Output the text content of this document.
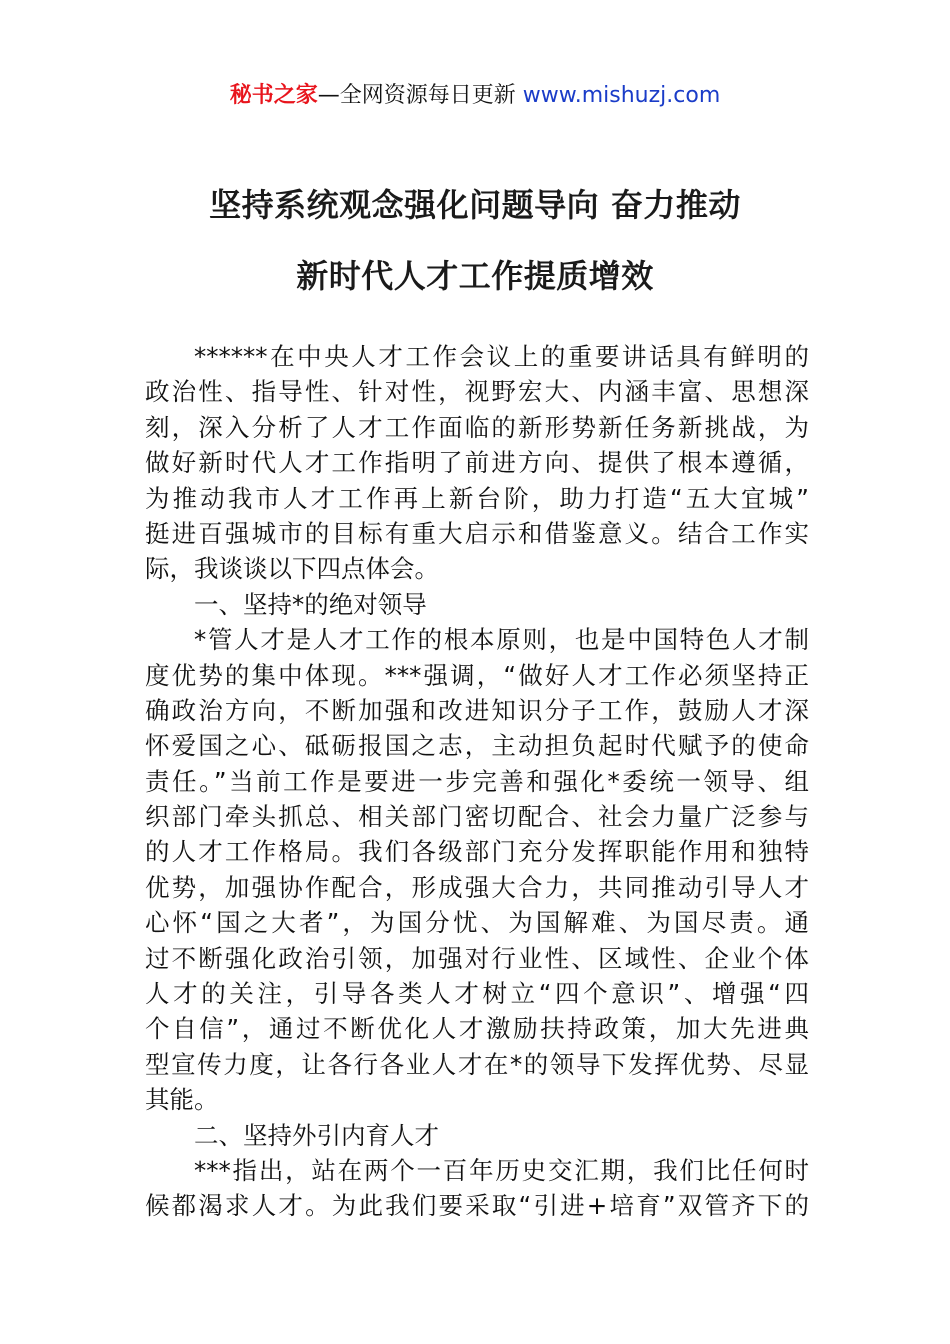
秘书之家—全网资源每日更新 www.mishuzj.com
坚持系统观念强化问题导向 奋力推动
新时代人才工作提质增效
******在中央人才工作会议上的重要讲话具有鲜明的
政治性、指导性、针对性，视野宏大、内涵丰富、思想深
刻，深入分析了人才工作面临的新形势新任务新挑战，为
做好新时代人才工作指明了前进方向、提供了根本遵循，
为推动我市人才工作再上新台阶，助力打造“五大宜城”
挺进百强城市的目标有重大启示和借鉴意义。结合工作实
际，我谈谈以下四点体会。
一、坚持*的绝对领导
*管人才是人才工作的根本原则，也是中国特色人才制
度优势的集中体现。***强调，“做好人才工作必须坚持正
确政治方向，不断加强和改进知识分子工作，鼓励人才深
怀爱国之心、砥砺报国之志，主动担负起时代赋予的使命
责任。”当前工作是要进一步完善和强化*委统一领导、组
织部门牵头抓总、相关部门密切配合、社会力量广泛参与
的人才工作格局。我们各级部门充分发挥职能作用和独特
优势，加强协作配合，形成强大合力，共同推动引导人才
心怀“国之大者”，为国分忧、为国解难、为国尽责。通
过不断强化政治引领，加强对行业性、区域性、企业个体
人才的关注，引导各类人才树立“四个意识”、增强“四
个自信”，通过不断优化人才激励扶持政策，加大先进典
型宣传力度，让各行各业人才在*的领导下发挥优势、尽显
其能。
二、坚持外引内育人才
***指出，站在两个一百年历史交汇期，我们比任何时
候都渴求人才。为此我们要采取“引进+培育”双管齐下的
